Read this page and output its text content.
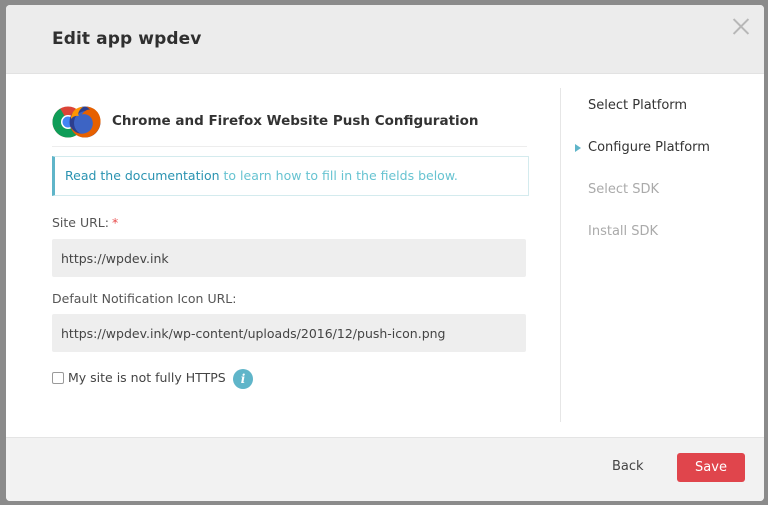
Edit app wpdev
Chrome and Firefox Website Push Configuration
Read the documentation to learn how to fill in the fields below.
Site URL: *
https://wpdev.ink
Default Notification Icon URL:
https://wpdev.ink/wp-content/uploads/2016/12/push-icon.png
My site is not fully HTTPS	i
Select Platform
Configure Platform
Select SDK
Install SDK
Back	Save
